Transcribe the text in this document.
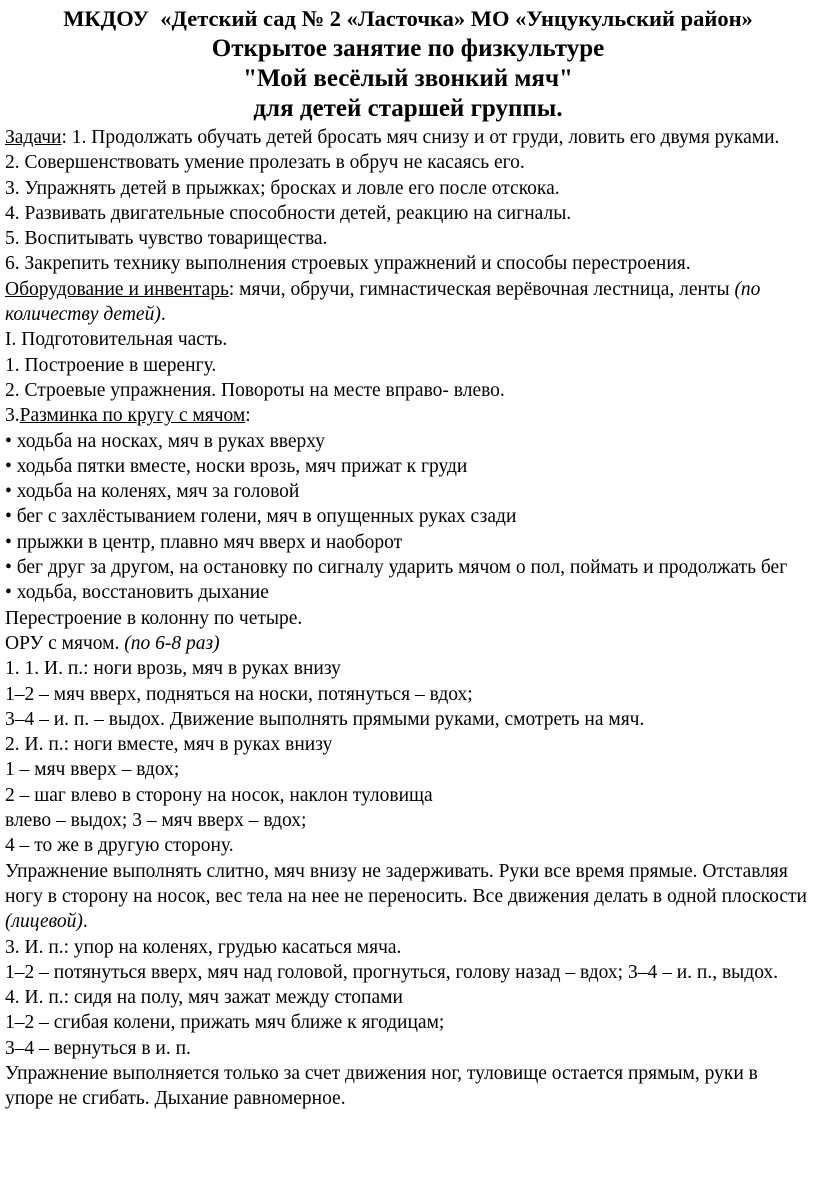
МКДОУ  «Детский сад № 2 «Ласточка» МО «Унцукульский район»
Открытое занятие по физкультуре
"Мой весёлый звонкий мяч"
для детей старшей группы.

Задачи: 1. Продолжать обучать детей бросать мяч снизу и от груди, ловить его двумя руками.

2. Совершенствовать умение пролезать в обруч не касаясь его.

3. Упражнять детей в прыжках; бросках и ловле его после отскока.

4. Развивать двигательные способности детей, реакцию на сигналы.

5. Воспитывать чувство товарищества.

6. Закрепить технику выполнения строевых упражнений и способы перестроения.

Оборудование и инвентарь: мячи, обручи, гимнастическая верёвочная лестница, ленты (по количеству детей).

I. Подготовительная часть.

1. Построение в шеренгу.

2. Строевые упражнения. Повороты на месте вправо- влево.

3.Разминка по кругу с мячом:

• ходьба на носках, мяч в руках вверху

• ходьба пятки вместе, носки врозь, мяч прижат к груди

• ходьба на коленях, мяч за головой

• бег с захлёстыванием голени, мяч в опущенных руках сзади

• прыжки в центр, плавно мяч вверх и наоборот

• бег друг за другом, на остановку по сигналу ударить мячом о пол, поймать и продолжать бег

• ходьба, восстановить дыхание

Перестроение в колонну по четыре.

ОРУ с мячом. (по 6-8 раз)

1. 1. И. п.: ноги врозь, мяч в руках внизу

1–2 – мяч вверх, подняться на носки, потянуться – вдох;

3–4 – и. п. – выдох. Движение выполнять прямыми руками, смотреть на мяч.

2. И. п.: ноги вместе, мяч в руках внизу

1 – мяч вверх – вдох;

2 – шаг влево в сторону на носок, наклон туловища

влево – выдох; 3 – мяч вверх – вдох;

4 – то же в другую сторону.

Упражнение выполнять слитно, мяч внизу не задерживать. Руки все время прямые. Отставляя ногу в сторону на носок, вес тела на нее не переносить. Все движения делать в одной плоскости (лицевой).

3. И. п.: упор на коленях, грудью касаться мяча.

1–2 – потянуться вверх, мяч над головой, прогнуться, голову назад – вдох; 3–4 – и. п., выдох.

4. И. п.: сидя на полу, мяч зажат между стопами

1–2 – сгибая колени, прижать мяч ближе к ягодицам;

3–4 – вернуться в и. п.

Упражнение выполняется только за счет движения ног, туловище остается прямым, руки в упоре не сгибать. Дыхание равномерное.
